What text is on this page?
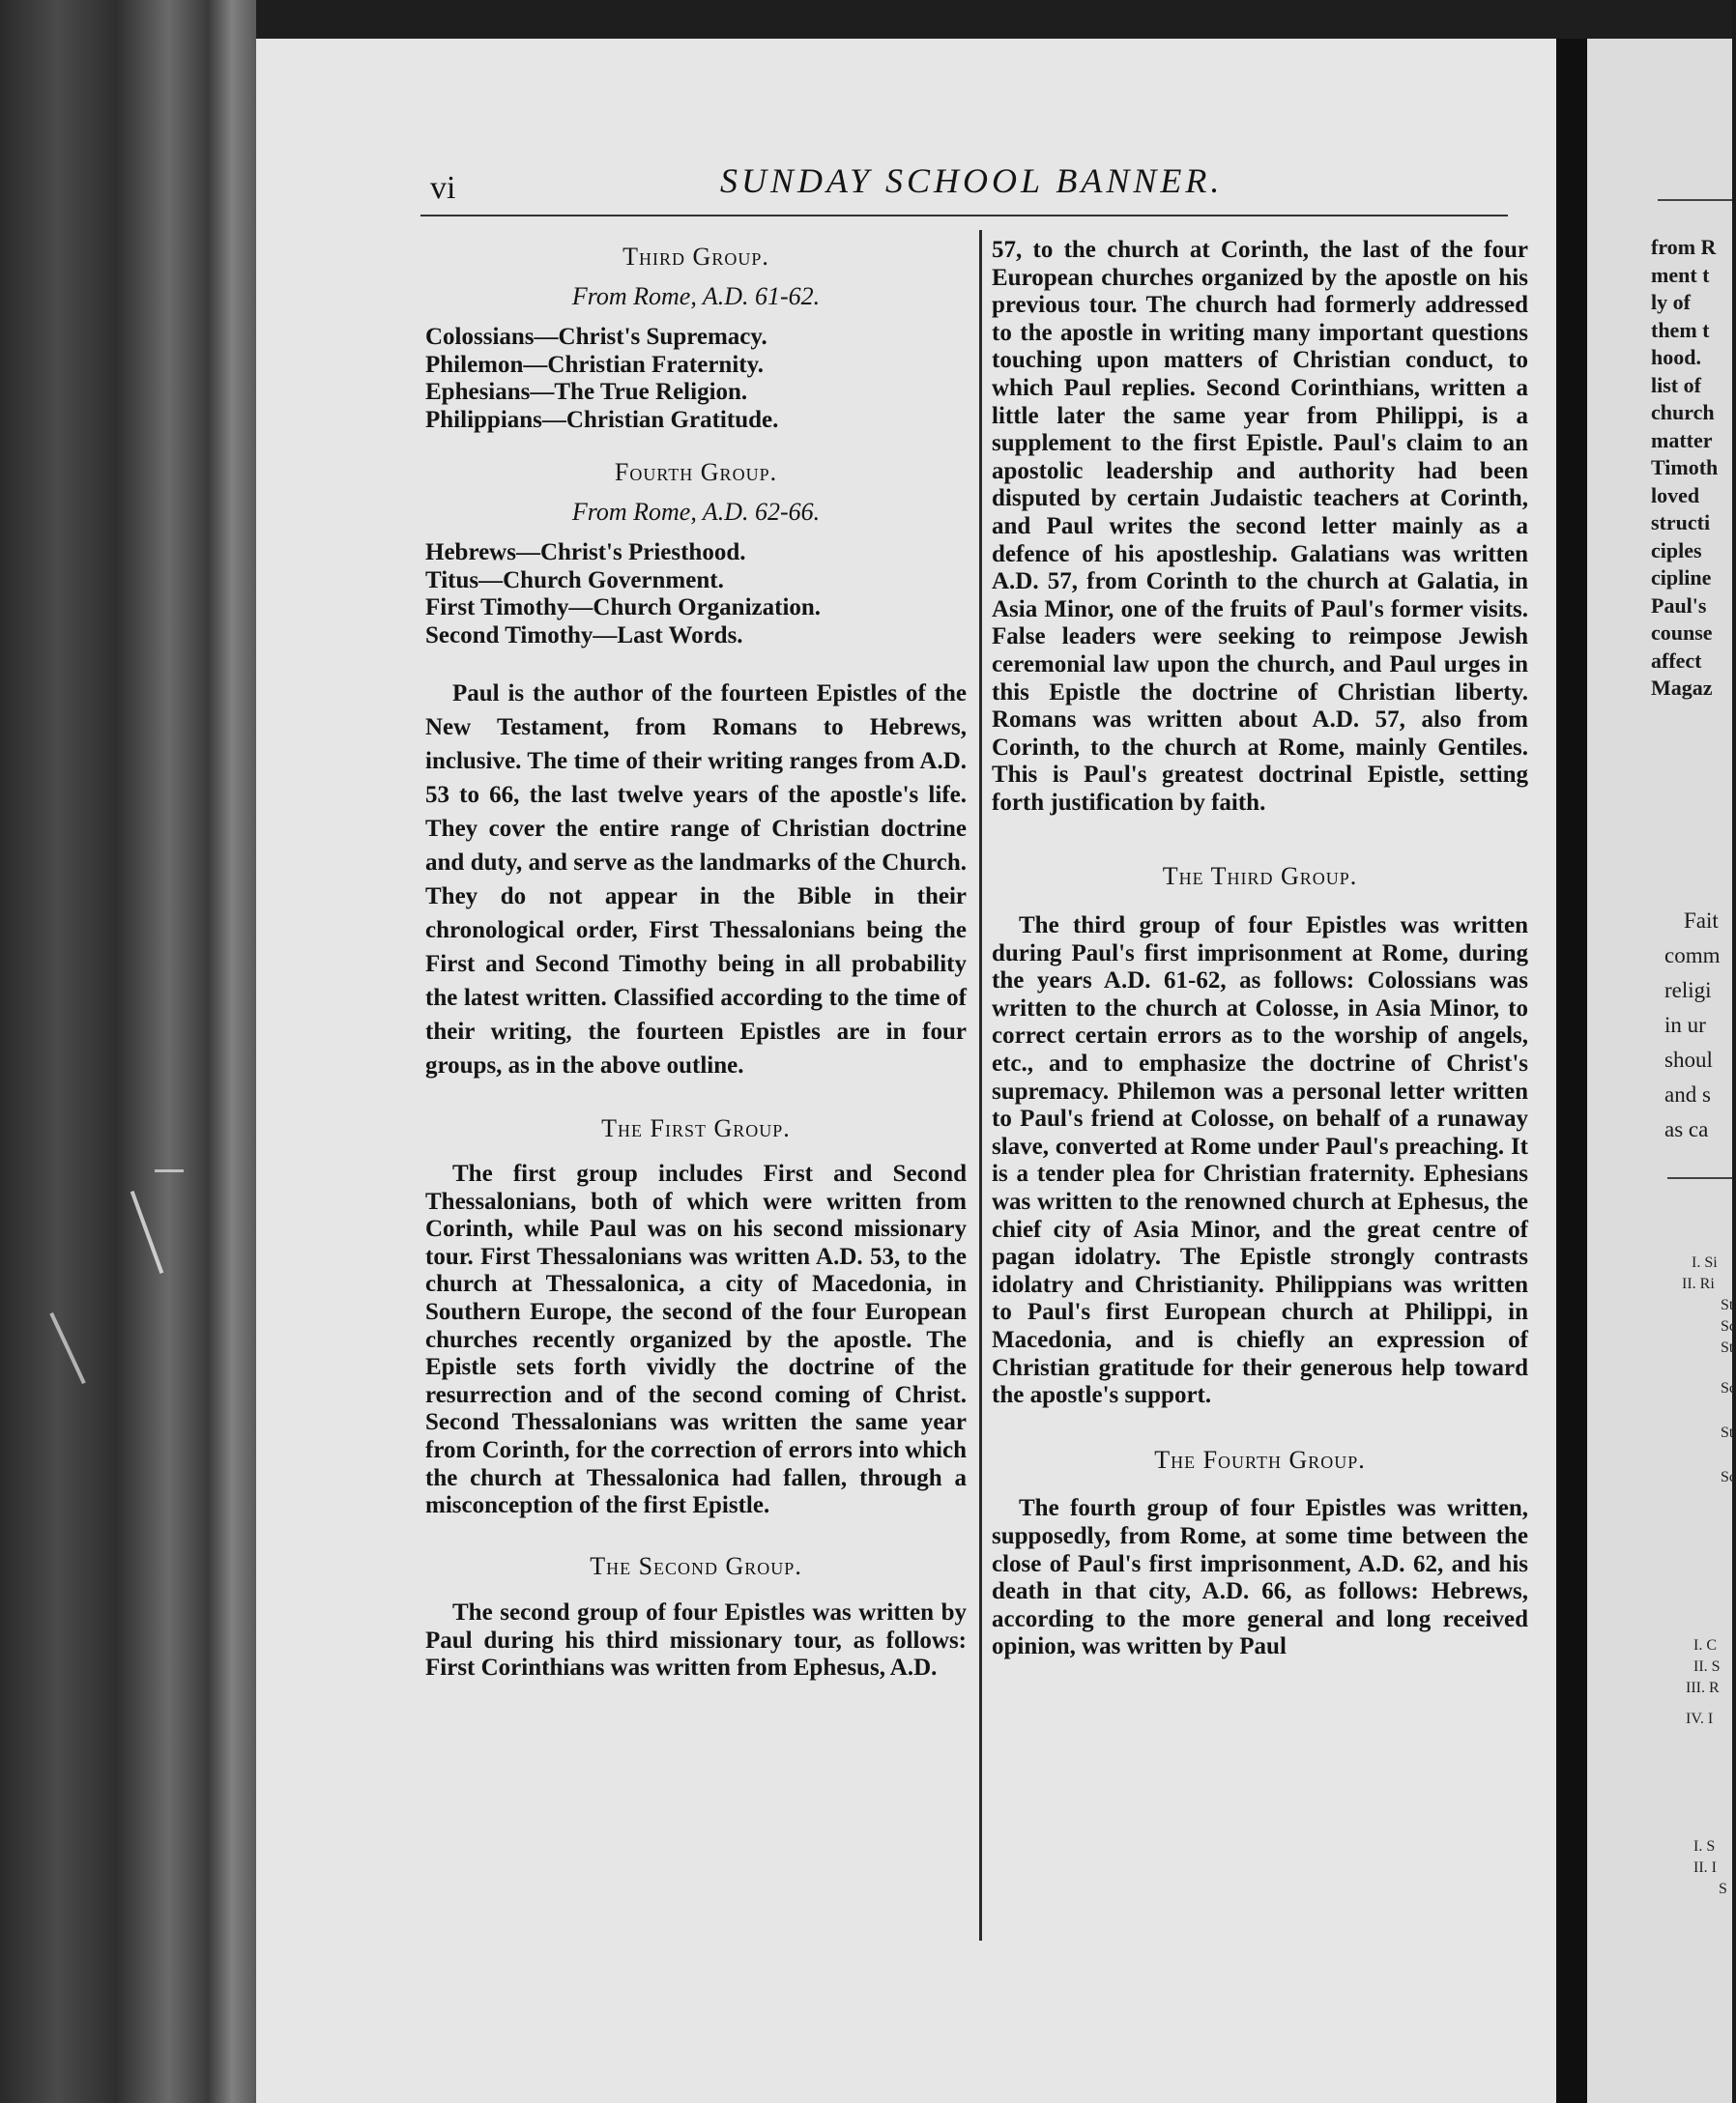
vi	SUNDAY SCHOOL BANNER.

Third Group.

From Rome, A.D. 61-62.

Colossians—Christ's Supremacy.
Philemon—Christian Fraternity.
Ephesians—The True Religion.
Philippians—Christian Gratitude.

Fourth Group.

From Rome, A.D. 62-66.

Hebrews—Christ's Priesthood.
Titus—Church Government.
First Timothy—Church Organization.
Second Timothy—Last Words.

Paul is the author of the fourteen Epistles of the New Testament, from Romans to Hebrews, inclusive. The time of their writing ranges from A.D. 53 to 66, the last twelve years of the apostle's life. They cover the entire range of Christian doctrine and duty, and serve as the landmarks of the Church. They do not appear in the Bible in their chronological order, First Thessalonians being the First and Second Timothy being in all probability the latest written. Classified according to the time of their writing, the fourteen Epistles are in four groups, as in the above outline.

The First Group.

The first group includes First and Second Thessalonians, both of which were written from Corinth, while Paul was on his second missionary tour. First Thessalonians was written A.D. 53, to the church at Thessalonica, a city of Macedonia, in Southern Europe, the second of the four European churches recently organized by the apostle. The Epistle sets forth vividly the doctrine of the resurrection and of the second coming of Christ. Second Thessalonians was written the same year from Corinth, for the correction of errors into which the church at Thessalonica had fallen, through a misconception of the first Epistle.

The Second Group.

The second group of four Epistles was written by Paul during his third missionary tour, as follows: First Corinthians was written from Ephesus, A.D.

57, to the church at Corinth, the last of the four European churches organized by the apostle on his previous tour. The church had formerly addressed to the apostle in writing many important questions touching upon matters of Christian conduct, to which Paul replies. Second Corinthians, written a little later the same year from Philippi, is a supplement to the first Epistle. Paul's claim to an apostolic leadership and authority had been disputed by certain Judaistic teachers at Corinth, and Paul writes the second letter mainly as a defence of his apostleship. Galatians was written A.D. 57, from Corinth to the church at Galatia, in Asia Minor, one of the fruits of Paul's former visits. False leaders were seeking to reimpose Jewish ceremonial law upon the church, and Paul urges in this Epistle the doctrine of Christian liberty. Romans was written about A.D. 57, also from Corinth, to the church at Rome, mainly Gentiles. This is Paul's greatest doctrinal Epistle, setting forth justification by faith.

The Third Group.

The third group of four Epistles was written during Paul's first imprisonment at Rome, during the years A.D. 61-62, as follows: Colossians was written to the church at Colosse, in Asia Minor, to correct certain errors as to the worship of angels, etc., and to emphasize the doctrine of Christ's supremacy. Philemon was a personal letter written to Paul's friend at Colosse, on behalf of a runaway slave, converted at Rome under Paul's preaching. It is a tender plea for Christian fraternity. Ephesians was written to the renowned church at Ephesus, the chief city of Asia Minor, and the great centre of pagan idolatry. The Epistle strongly contrasts idolatry and Christianity. Philippians was written to Paul's first European church at Philippi, in Macedonia, and is chiefly an expression of Christian gratitude for their generous help toward the apostle's support.

The Fourth Group.

The fourth group of four Epistles was written, supposedly, from Rome, at some time between the close of Paul's first imprisonment, A.D. 62, and his death in that city, A.D. 66, as follows: Hebrews, according to the more general and long received opinion, was written by Paul

from R
ment t
ly of
them t
hood.
list of
church
matter
Timoth
loved
structi
ciples
cipline
Paul's
counse
affect
Magaz
Fait
comm
religi
in ur
shoul
and s
as ca
I. Si
II. Ri
St
Sc
St
Sc
St
Sc
I. C
II. S
III. R
IV. I
I. S
II. I
S
